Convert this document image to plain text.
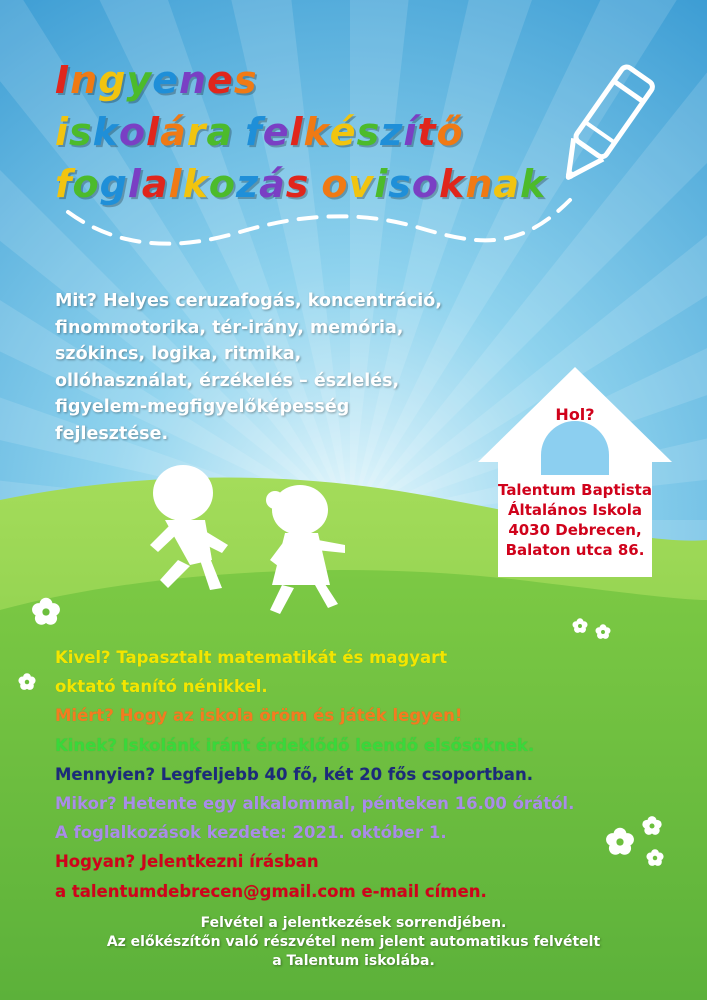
Ingyenes
iskolára felkészítő
foglalkozás ovisoknak
Mit? Helyes ceruzafogás, koncentráció,
finommotorika, tér-irány, memória,
szókincs, logika, ritmika,
ollóhasználat, érzékelés – észlelés,
figyelem-megfigyelőképesség
fejlesztése.
Hol?
Talentum Baptista
Általános Iskola
4030 Debrecen,
Balaton utca 86.
Kivel? Tapasztalt matematikát és magyart
oktató tanító nénikkel.
Miért? Hogy az iskola öröm és játék legyen!
Kinek? Iskolánk iránt érdeklődő leendő elsősöknek.
Mennyien? Legfeljebb 40 fő, két 20 fős csoportban.
Mikor? Hetente egy alkalommal, pénteken 16.00 órától.
A foglalkozások kezdete: 2021. október 1.
Hogyan? Jelentkezni írásban
a talentumdebrecen@gmail.com e-mail címen.
Felvétel a jelentkezések sorrendjében.
Az előkészítőn való részvétel nem jelent automatikus felvételt
a Talentum iskolába.
